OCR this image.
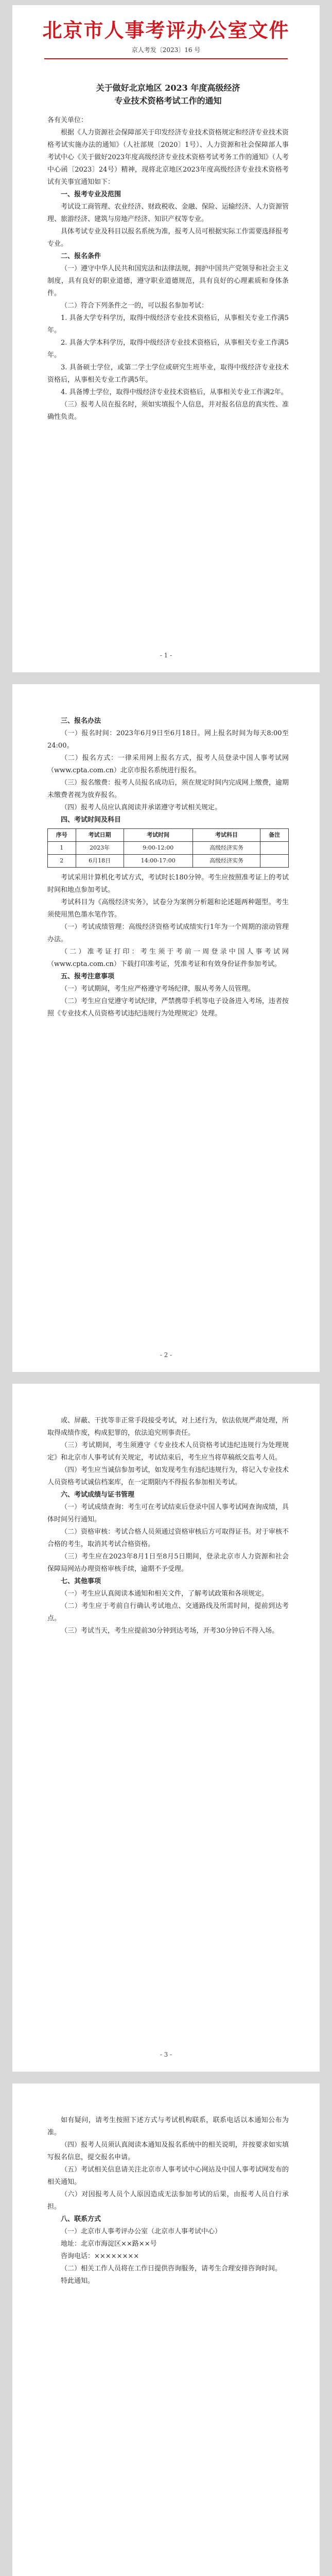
北京市人事考评办公室文件
京人考发〔2023〕16 号
关于做好北京地区 2023 年度高级经济
专业技术资格考试工作的通知

各有关单位：

根据《人力资源社会保障部关于印发经济专业技术资格规定和经济专业技术资格考试实施办法的通知》（人社部规〔2020〕1号）、人力资源和社会保障部人事考试中心《关于做好2023年度高级经济专业技术资格考试考务工作的通知》（人考中心函〔2023〕24号）精神，现将北京地区2023年度高级经济专业技术资格考试有关事宜通知如下：

一、报考专业及范围

考试设工商管理、农业经济、财政税收、金融、保险、运输经济、人力资源管理、旅游经济、建筑与房地产经济、知识产权等专业。

具体考试专业及科目以报名系统为准，报考人员可根据实际工作需要选择报考专业。

二、报名条件

（一）遵守中华人民共和国宪法和法律法规，拥护中国共产党领导和社会主义制度，具有良好的职业道德，遵守职业道德规范，具有良好的心理素质和身体条件。

（二）符合下列条件之一的，可以报名参加考试：

1. 具备大学专科学历，取得中级经济专业技术资格后，从事相关专业工作满5年。

2. 具备大学本科学历，取得中级经济专业技术资格后，从事相关专业工作满5年。

3. 具备硕士学位，或第二学士学位或研究生班毕业，取得中级经济专业技术资格后，从事相关专业工作满5年。

4. 具备博士学位，取得中级经济专业技术资格后，从事相关专业工作满2年。

（三）报考人员在报名时，须如实填报个人信息，并对报名信息的真实性、准确性负责。

- 1 -

三、报名办法

（一）报名时间：2023年6月9日至6月18日。网上报名时间为每天8:00至24:00。

（二）报名方式：一律采用网上报名方式，报考人员登录中国人事考试网（www.cpta.com.cn）北京市报名系统进行报名。

（三）报名缴费：报考人员报名成功后，须在规定时间内完成网上缴费，逾期未缴费者视为放弃报名。

（四）报考人员应认真阅读并承诺遵守考试相关规定。

四、考试时间及科目

序号	考试日期	考试时间	考试科目	备注
1	2023年	9:00-12:00	高级经济实务	
2	6月18日	14:00-17:00	高级经济实务	

考试采用计算机化考试方式，考试时长180分钟。考生应按照准考证上的考试时间和地点参加考试。

考试科目为《高级经济实务》，试卷分为案例分析题和论述题两种题型。考生须使用黑色墨水笔作答。

（一）考试成绩管理：高级经济资格考试成绩实行1年为一个周期的滚动管理办法。

（二）准考证打印：考生须于考前一周登录中国人事考试网（www.cpta.com.cn）下载打印准考证，凭准考证和有效身份证件参加考试。

五、报考注意事项

（一）考试期间，考生应严格遵守考场纪律，服从考务人员管理。

（二）考生应自觉遵守考试纪律，严禁携带手机等电子设备进入考场，违者按照《专业技术人员资格考试违纪违规行为处理规定》处理。

- 2 -

或、屏蔽、干扰等非正常手段接受考试，对上述行为，依法依规严肃处理，所取得成绩作废，构成犯罪的，依法追究刑事责任。

（三）考试期间，考生须遵守《专业技术人员资格考试违纪违规行为处理规定》和北京市人事考试有关规定，考试结束后，考生应当将草稿纸交监考人员。

（四）考生应当诚信参加考试，如发现考生有违纪违规行为，将记入专业技术人员资格考试诚信档案库，在一定期限内不得报名参加相关考试。

六、考试成绩与证书管理

（一）考试成绩查询：考生可在考试结束后登录中国人事考试网查询成绩，具体时间另行通知。

（二）资格审核：考试合格人员须通过资格审核后方可取得证书。对于审核不合格的考生，取消其考试合格资格。

（三）考生应在2023年8月1日至8月5日期间，登录北京市人力资源和社会保障局网站办理资格审核手续，逾期不予受理。

七、其他事项

（一）考生应认真阅读本通知和相关文件，了解考试政策和各项规定。

（二）考生应于考前自行确认考试地点、交通路线及所需时间，提前到达考点。

（三）考试当天，考生应提前30分钟到达考场，开考30分钟后不得入场。

- 3 -

如有疑问，请考生按照下述方式与考试机构联系，联系电话以本通知公布为准。

（四）报考人员须认真阅读本通知及报名系统中的相关说明，并按要求如实填写报名信息，提交报名申请。

（五）考试相关信息请关注北京市人事考试中心网站及中国人事考试网发布的相关通知。

（六）对因报考人员个人原因造成无法参加考试的后果，由报考人员自行承担。

八、联系方式

（一）北京市人事考评办公室（北京市人事考试中心）

地址：北京市海淀区××路××号

咨询电话：××××××××

（二）相关工作人员将在工作日提供咨询服务，请考生合理安排咨询时间。

特此通知。
